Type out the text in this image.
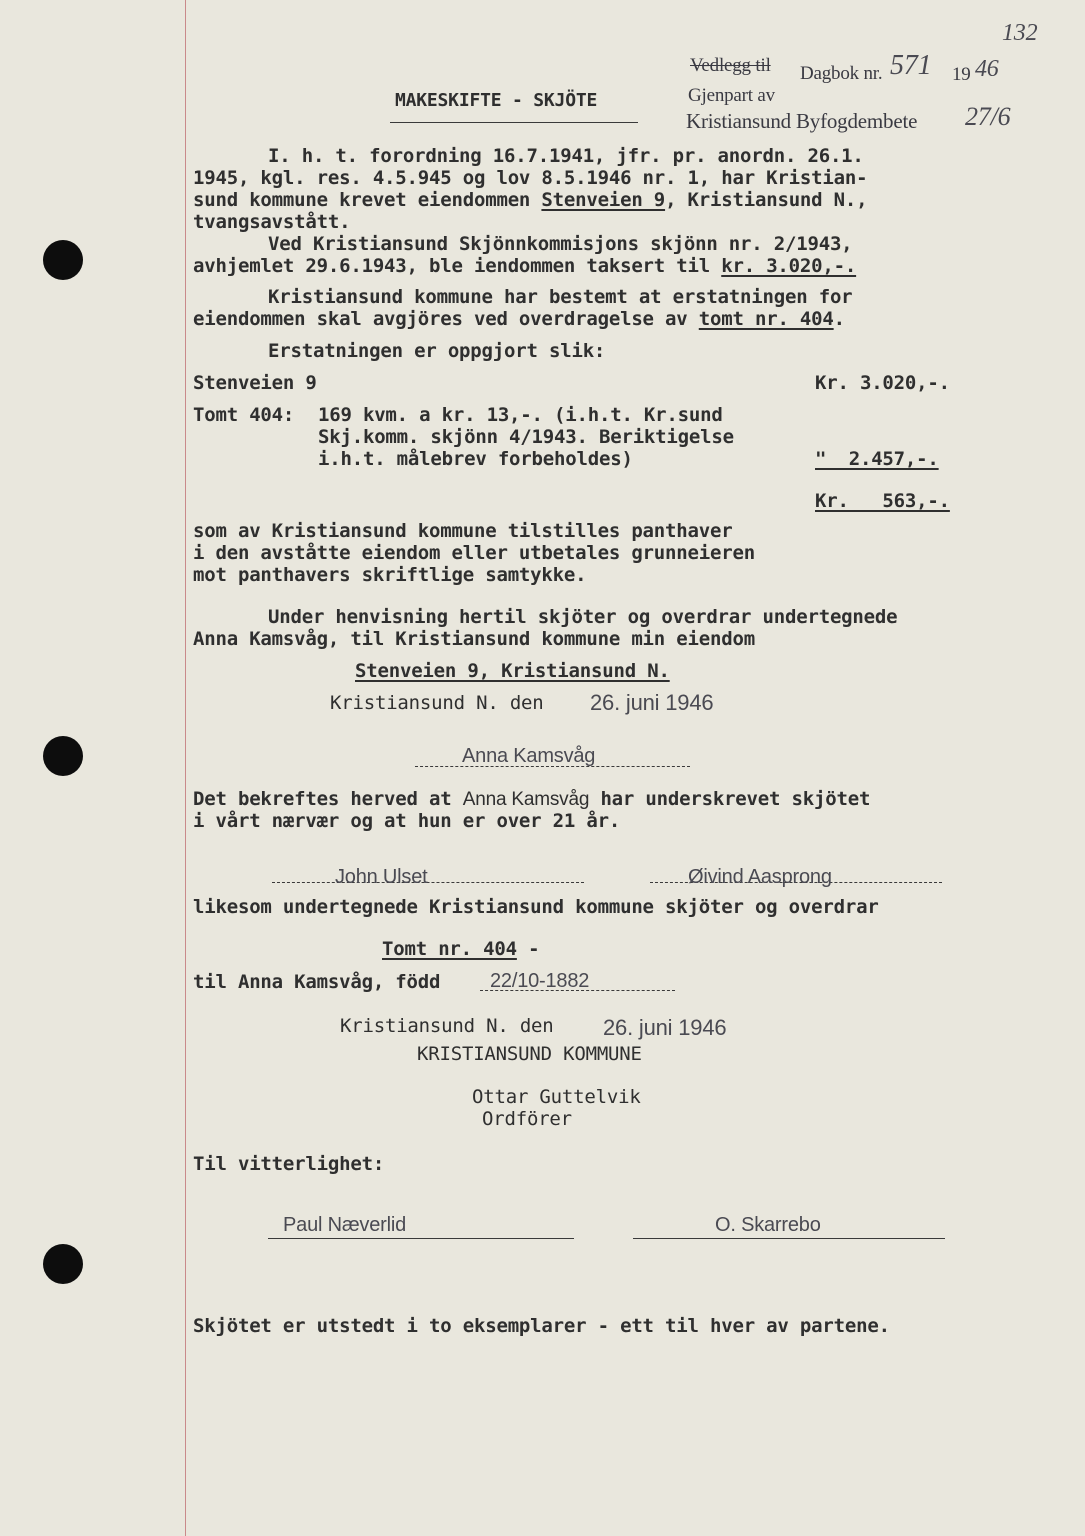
Vedlegg til Dagbok nr. 571 19 46
132
Gjenpart av
Kristiansund Byfogdembete 27/6
MAKESKIFTE - SKJÖTE
I. h. t. forordning 16.7.1941, jfr. pr. anordn. 26.1.
1945, kgl. res. 4.5.945 og lov 8.5.1946 nr. 1, har Kristian-
sund kommune krevet eiendommen Stenveien 9, Kristiansund N.,
tvangsavstått.
Ved Kristiansund Skjönnkommisjons skjönn nr. 2/1943,
avhjemlet 29.6.1943, ble iendommen taksert til kr. 3.020,-.
Kristiansund kommune har bestemt at erstatningen for
eiendommen skal avgjöres ved overdragelse av tomt nr. 404.
Erstatningen er oppgjort slik:
Stenveien 9	Kr. 3.020,-.
Tomt 404: 169 kvm. a kr. 13,-. (i.h.t. Kr.sund
Skj.komm. skjönn 4/1943. Beriktigelse
i.h.t. målebrev forbeholdes)	"  2.457,-.
Kr.   563,-.
som av Kristiansund kommune tilstilles panthaver
i den avståtte eiendom eller utbetales grunneieren
mot panthavers skriftlige samtykke.
Under henvisning hertil skjöter og overdrar undertegnede
Anna Kamsvåg, til Kristiansund kommune min eiendom
Stenveien 9, Kristiansund N.
Kristiansund N. den 26. juni 1946
Anna Kamsvåg
Det bekreftes herved at Anna Kamsvåg har underskrevet skjötet
i vårt nærvær og at hun er over 21 år.
John Ulset	Øivind Aasprong
likesom undertegnede Kristiansund kommune skjöter og overdrar
Tomt nr. 404 -
til Anna Kamsvåg, född 22/10-1882
Kristiansund N. den 26. juni 1946
KRISTIANSUND KOMMUNE
Ottar Guttelvik
Ordförer
Til vitterlighet:
Paul Næverlid	O. Skarrebo
Skjötet er utstedt i to eksemplarer - ett til hver av partene.
